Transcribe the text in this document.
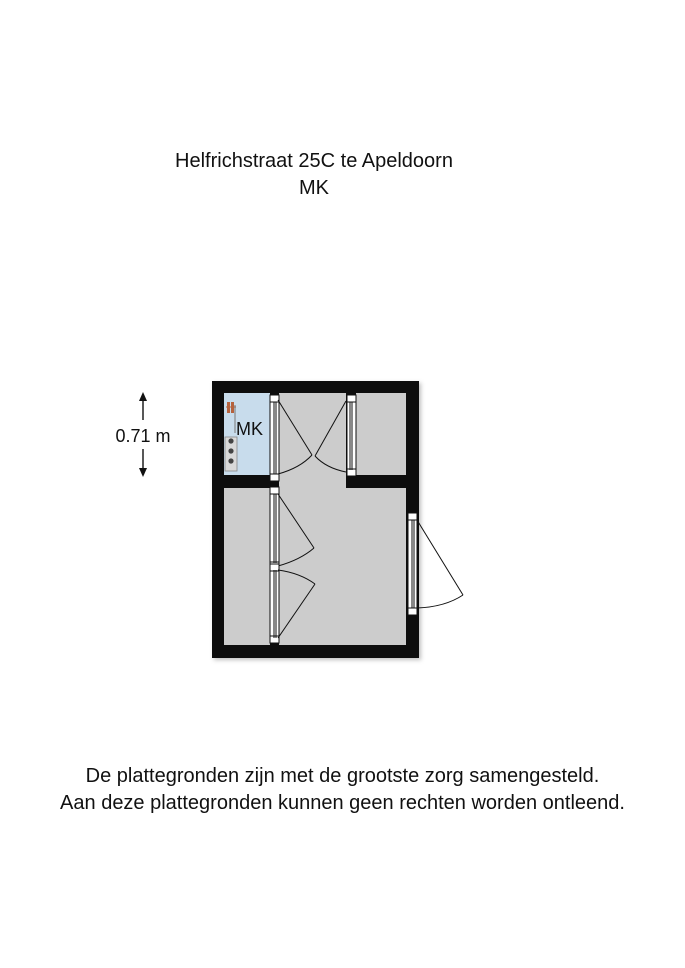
Helfrichstraat 25C te Apeldoorn
MK
MK
0.71 m
De plattegronden zijn met de grootste zorg samengesteld.
Aan deze plattegronden kunnen geen rechten worden ontleend.
